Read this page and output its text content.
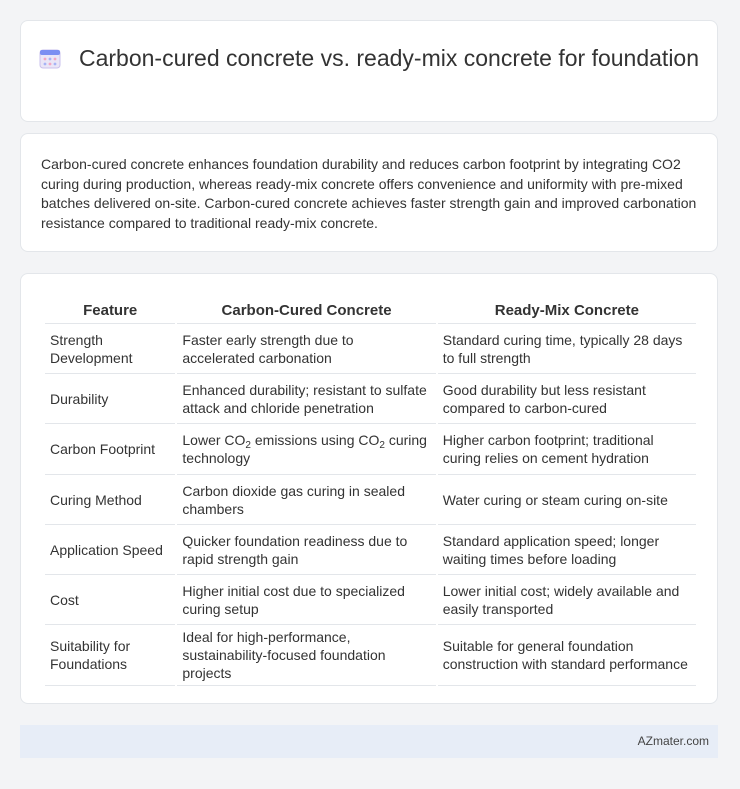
Carbon-cured concrete vs. ready-mix concrete for foundation
Carbon-cured concrete enhances foundation durability and reduces carbon footprint by integrating CO2 curing during production, whereas ready-mix concrete offers convenience and uniformity with pre-mixed batches delivered on-site. Carbon-cured concrete achieves faster strength gain and improved carbonation resistance compared to traditional ready-mix concrete.
Feature	Carbon-Cured Concrete	Ready-Mix Concrete
Strength Development	Faster early strength due to accelerated carbonation	Standard curing time, typically 28 days to full strength
Durability	Enhanced durability; resistant to sulfate attack and chloride penetration	Good durability but less resistant compared to carbon-cured
Carbon Footprint	Lower $CO_2$ emissions using $CO_2$ curing technology	Higher carbon footprint; traditional curing relies on cement hydration
Curing Method	Carbon dioxide gas curing in sealed chambers	Water curing or steam curing on-site
Application Speed	Quicker foundation readiness due to rapid strength gain	Standard application speed; longer waiting times before loading
Cost	Higher initial cost due to specialized curing setup	Lower initial cost; widely available and easily transported
Suitability for Foundations	Ideal for high-performance, sustainability-focused foundation projects	Suitable for general foundation construction with standard performance
AZmater.com
